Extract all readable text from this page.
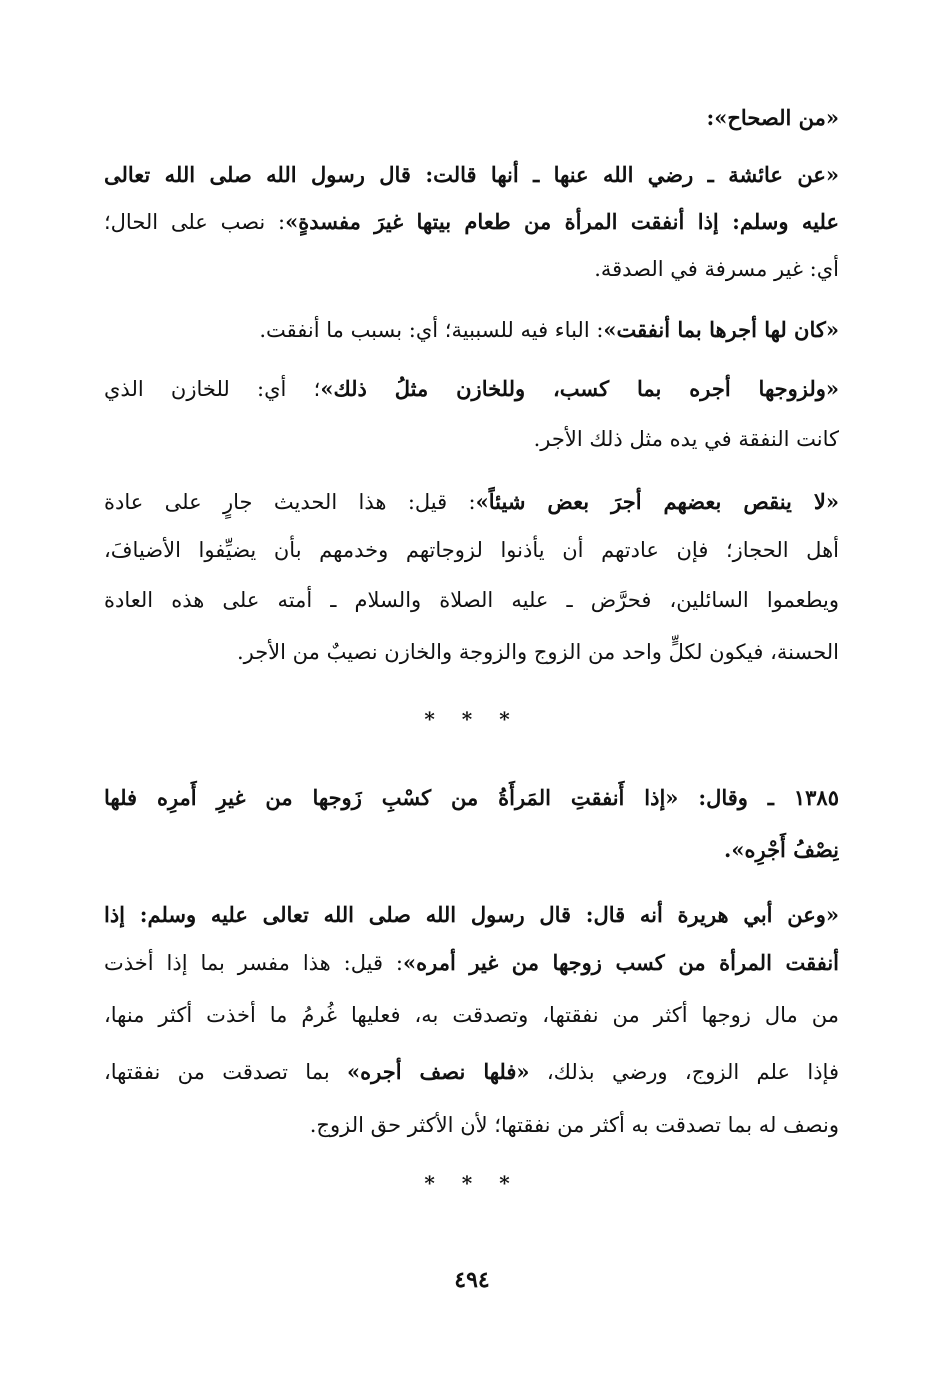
«من الصحاح»:
«عن عائشة ـ رضي الله عنها ـ أنها قالت: قال رسول الله صلى الله تعالى
عليه وسلم: إذا أنفقت المرأة من طعام بيتها غيرَ مفسدةٍ»: نصب على الحال؛
أي: غير مسرفة في الصدقة.
«كان لها أجرها بما أنفقت»: الباء فيه للسببية؛ أي: بسبب ما أنفقت.
«ولزوجها أجره بما كسب، وللخازن مثلُ ذلك»؛ أي: للخازن الذي
كانت النفقة في يده مثل ذلك الأجر.
«لا ينقص بعضهم أجرَ بعض شيئاً»: قيل: هذا الحديث جارٍ على عادة
أهل الحجاز؛ فإن عادتهم أن يأذنوا لزوجاتهم وخدمهم بأن يضيِّفوا الأضيافَ،
ويطعموا السائلين، فحرَّض ـ عليه الصلاة والسلام ـ أمته على هذه العادة
الحسنة، فيكون لكلٍّ واحد من الزوج والزوجة والخازن نصيبٌ من الأجر.
* * *
١٣٨٥ ـ وقال: «إذا أَنفقتِ المَرأَةُ من كسْبِ زَوجها من غيرِ أَمرِه فلها
نِصْفُ أَجْرِه».
«وعن أبي هريرة أنه قال: قال رسول الله صلى الله تعالى عليه وسلم: إذا
أنفقت المرأة من كسب زوجها من غير أمره»: قيل: هذا مفسر بما إذا أخذت
من مال زوجها أكثر من نفقتها، وتصدقت به، فعليها غُرمُ ما أخذت أكثر منها،
فإذا علم الزوج، ورضي بذلك، «فلها نصف أجره» بما تصدقت من نفقتها،
ونصف له بما تصدقت به أكثر من نفقتها؛ لأن الأكثر حق الزوج.
* * *
٤٩٤
